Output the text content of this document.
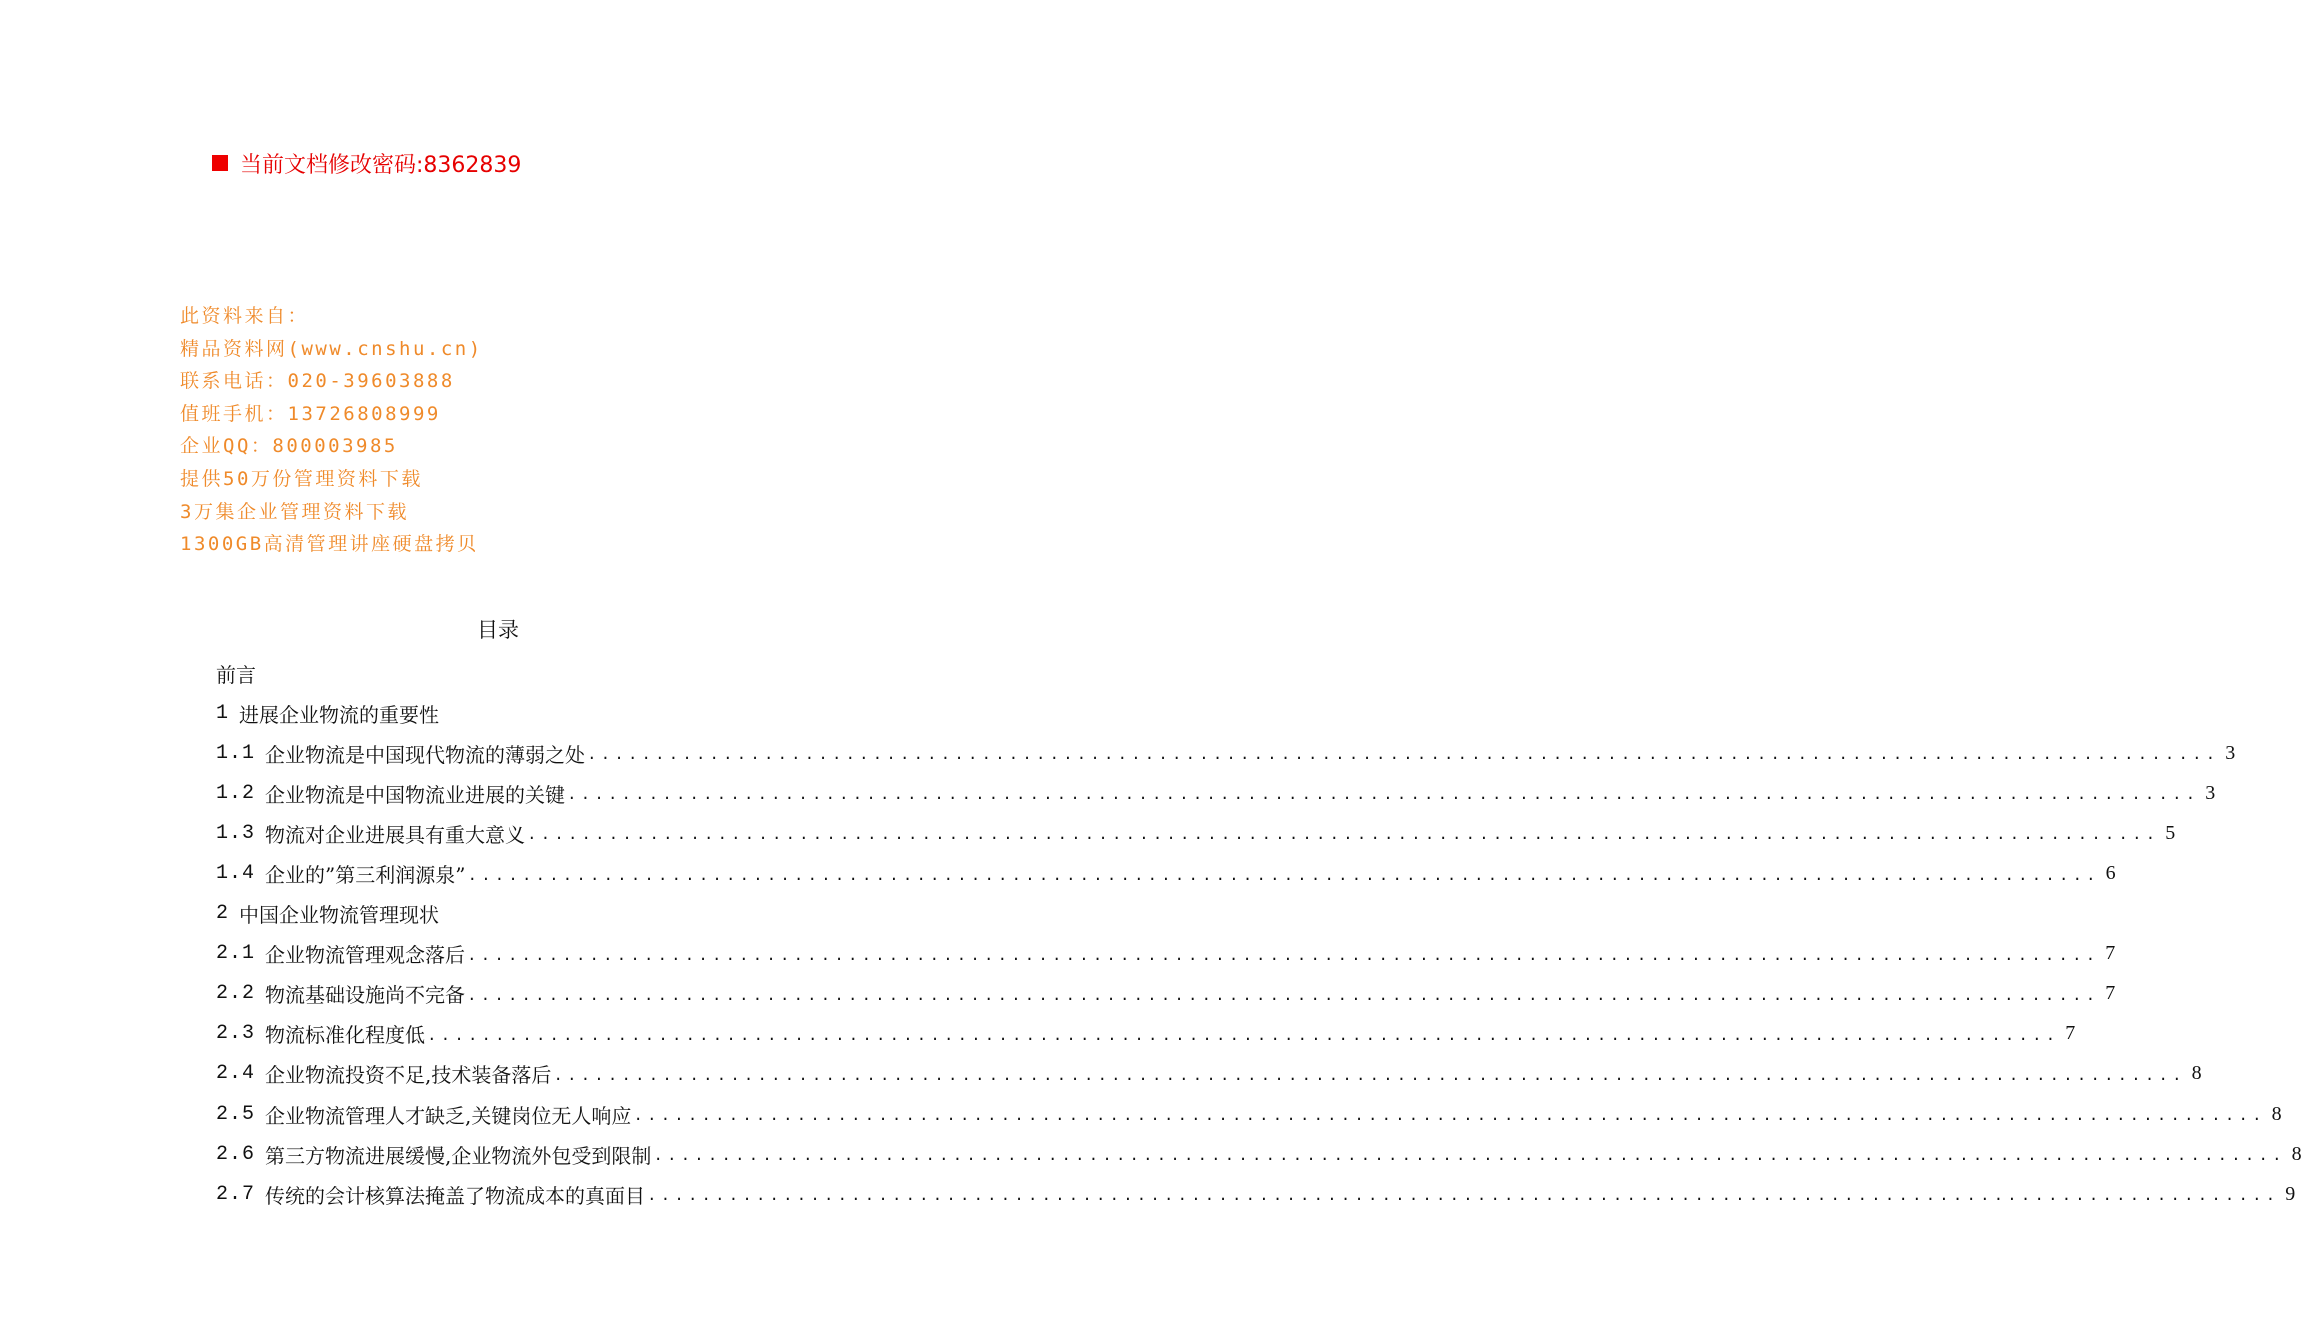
当前文档修改密码:8362839
此资料来自：
精品资料网(www.cnshu.cn)
联系电话：020-39603888
值班手机：13726808999
企业QQ：800003985
提供50万份管理资料下载
3万集企业管理资料下载
1300GB高清管理讲座硬盘拷贝
目录
前言
1 进展企业物流的重要性
1.1 企业物流是中国现代物流的薄弱之处 ........................................................................................................................ 3
1.2 企业物流是中国物流业进展的关键 ........................................................................................................................ 3
1.3 物流对企业进展具有重大意义 ........................................................................................................................ 5
1.4 企业的”第三利润源泉” ........................................................................................................................ 6
2 中国企业物流管理现状
2.1 企业物流管理观念落后 ........................................................................................................................ 7
2.2 物流基础设施尚不完备 ........................................................................................................................ 7
2.3 物流标准化程度低 ........................................................................................................................ 7
2.4 企业物流投资不足,技术装备落后 ........................................................................................................................ 8
2.5 企业物流管理人才缺乏,关键岗位无人响应 ........................................................................................................................ 8
2.6 第三方物流进展缓慢,企业物流外包受到限制 ........................................................................................................................ 8
2.7 传统的会计核算法掩盖了物流成本的真面目 ........................................................................................................................ 9
